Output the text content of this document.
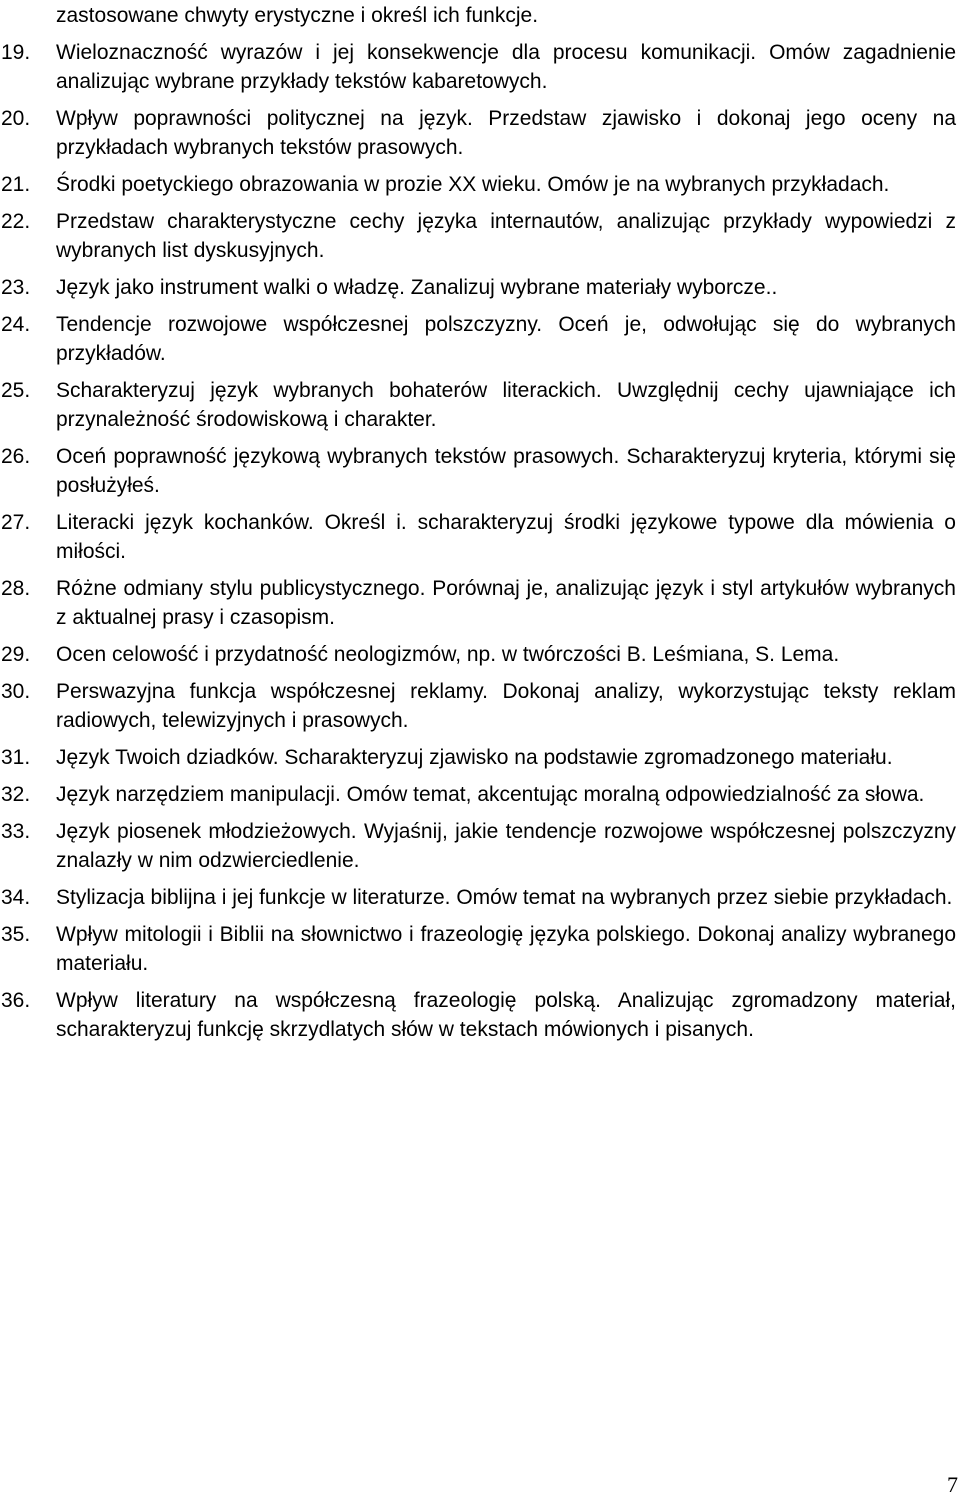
zastosowane chwyty erystyczne i określ ich funkcje.
19.	Wieloznaczność wyrazów i jej konsekwencje dla procesu komunikacji. Omów zagadnienie analizując wybrane przykłady tekstów kabaretowych.
20.	Wpływ poprawności politycznej na język. Przedstaw zjawisko i dokonaj jego oceny na przykładach wybranych tekstów prasowych.
21.	Środki poetyckiego obrazowania w prozie XX wieku. Omów je na wybranych przykładach.
22.	Przedstaw charakterystyczne cechy języka internautów, analizując przykłady wypowiedzi z wybranych list dyskusyjnych.
23.	Język jako instrument walki o władzę. Zanalizuj wybrane materiały wyborcze..
24.	Tendencje rozwojowe współczesnej polszczyzny. Oceń je, odwołując się do wybranych przykładów.
25.	Scharakteryzuj język wybranych bohaterów literackich. Uwzględnij cechy ujawniające ich przynależność środowiskową i charakter.
26.	Oceń poprawność językową wybranych tekstów prasowych. Scharakteryzuj kryteria, którymi się posłużyłeś.
27.	Literacki język kochanków. Określ i. scharakteryzuj środki językowe typowe dla mówienia o miłości.
28.	Różne odmiany stylu publicystycznego. Porównaj je, analizując język i styl artykułów wybranych z aktualnej prasy i czasopism.
29.	Ocen celowość i przydatność neologizmów, np. w twórczości B. Leśmiana, S. Lema.
30.	Perswazyjna funkcja współczesnej reklamy. Dokonaj analizy, wykorzystując teksty reklam radiowych, telewizyjnych i prasowych.
31.	Język Twoich dziadków. Scharakteryzuj zjawisko na podstawie zgromadzonego materiału.
32.	Język narzędziem manipulacji. Omów temat, akcentując moralną odpowiedzialność za słowa.
33.	Język piosenek młodzieżowych. Wyjaśnij, jakie tendencje rozwojowe współczesnej polszczyzny znalazły w nim odzwierciedlenie.
34.	Stylizacja biblijna i jej funkcje w literaturze. Omów temat na wybranych przez siebie przykładach.
35.	Wpływ mitologii i Biblii na słownictwo i frazeologię języka polskiego. Dokonaj analizy wybranego materiału.
36.	Wpływ literatury na współczesną frazeologię polską. Analizując zgromadzony materiał, scharakteryzuj funkcję skrzydlatych słów w tekstach mówionych i pisanych.
7
